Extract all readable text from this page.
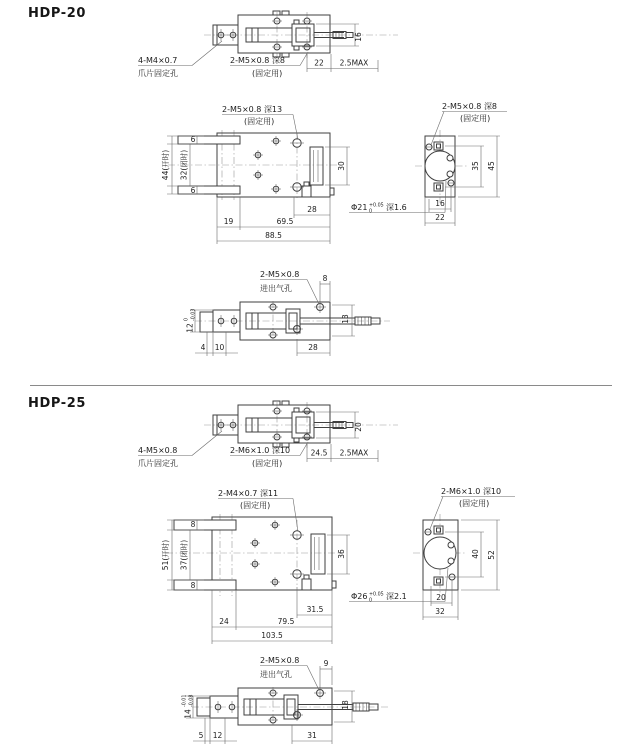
HDP-20
4-M4×0.7
爪片固定孔
2-M5×0.8 深8
(固定用)
22 2.5MAX
16
2-M5×0.8 深13
(固定用)
30
28
19	69.5
88.5
44(开时) 32(闭时)
6
6
2-M5×0.8 深8
(固定用)
35 45
16
22
Φ21 +0.05
0 深1.6
2-M5×0.8
进出气孔
8
13
12
0 -0.03
4 10	28
HDP-25
4-M5×0.8
爪片固定孔
2-M6×1.0 深10
(固定用)
24.5 2.5MAX
20
2-M4×0.7 深11
(固定用)
36
31.5
24	79.5
103.5
51(开时) 37(闭时)
8
8
2-M6×1.0 深10
(固定用)
40 52
20
32
Φ26 +0.05
0 深2.1
2-M5×0.8
进出气孔
9
18
14
-0.01 -0.08
5 12	31
